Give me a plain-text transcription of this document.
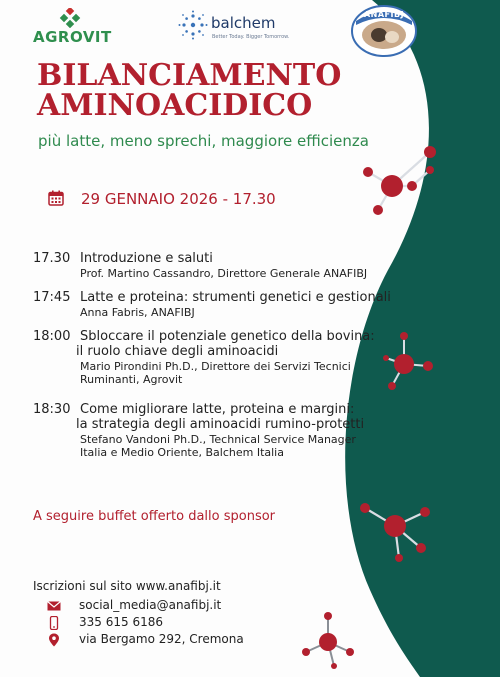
AGROVIT
balchem
Better Today. Bigger Tomorrow.
ANAFIBJ
BILANCIAMENTO AMINOACIDICO
più latte, meno sprechi, maggiore efficienza
29 GENNAIO 2026 - 17.30
17.30 Introduzione e saluti
Prof. Martino Cassandro, Direttore Generale ANAFIBJ
17:45 Latte e proteina: strumenti genetici e gestionali
Anna Fabris, ANAFIBJ
18:00 Sbloccare il potenziale genetico della bovina:
il ruolo chiave degli aminoacidi
Mario Pirondini Ph.D., Direttore dei Servizi Tecnici
Ruminanti, Agrovit
18:30 Come migliorare latte, proteina e margini:
la strategia degli aminoacidi rumino-protetti
Stefano Vandoni Ph.D., Technical Service Manager
Italia e Medio Oriente, Balchem Italia
A seguire buffet offerto dallo sponsor
Iscrizioni sul sito www.anafibj.it
social_media@anafibj.it
335 615 6186
via Bergamo 292, Cremona
